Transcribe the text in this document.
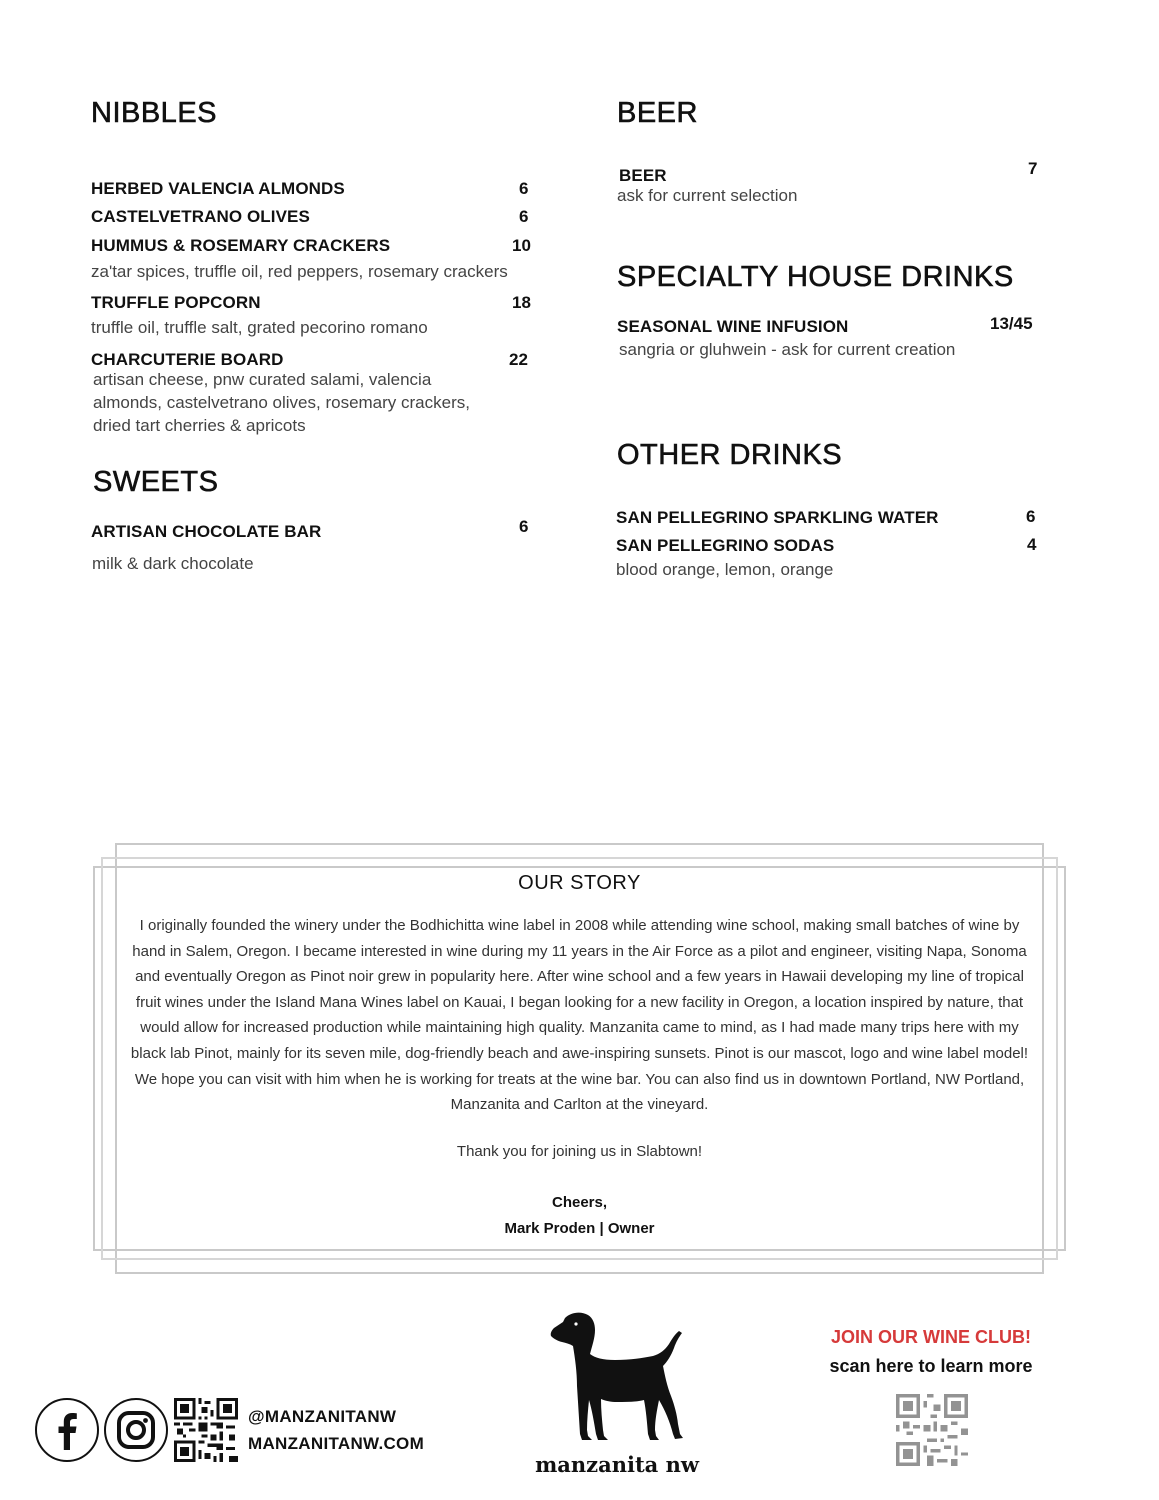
NIBBLES
HERBED VALENCIA ALMONDS	6
CASTELVETRANO OLIVES	6
HUMMUS & ROSEMARY CRACKERS	10
za'tar spices, truffle oil, red peppers, rosemary crackers
TRUFFLE POPCORN	18
truffle oil, truffle salt, grated pecorino romano
CHARCUTERIE BOARD	22
artisan cheese, pnw curated salami, valencia
almonds, castelvetrano olives, rosemary crackers,
dried tart cherries & apricots
SWEETS
ARTISAN CHOCOLATE BAR	6
milk & dark chocolate
BEER
BEER	7
ask for current selection
SPECIALTY HOUSE DRINKS
SEASONAL WINE INFUSION	13/45
sangria or gluhwein - ask for current creation
OTHER DRINKS
SAN PELLEGRINO SPARKLING WATER	6
SAN PELLEGRINO SODAS	4
blood orange, lemon, orange
OUR STORY
I originally founded the winery under the Bodhichitta wine label in 2008 while attending wine school, making small batches of wine by hand in Salem, Oregon. I became interested in wine during my 11 years in the Air Force as a pilot and engineer, visiting Napa, Sonoma and eventually Oregon as Pinot noir grew in popularity here. After wine school and a few years in Hawaii developing my line of tropical fruit wines under the Island Mana Wines label on Kauai, I began looking for a new facility in Oregon, a location inspired by nature, that would allow for increased production while maintaining high quality. Manzanita came to mind, as I had made many trips here with my black lab Pinot, mainly for its seven mile, dog-friendly beach and awe-inspiring sunsets. Pinot is our mascot, logo and wine label model! We hope you can visit with him when he is working for treats at the wine bar. You can also find us in downtown Portland, NW Portland, Manzanita and Carlton at the vineyard.
Thank you for joining us in Slabtown!
Cheers,
Mark Proden | Owner
@MANZANITANW
MANZANITANW.COM
manzanita nw
JOIN OUR WINE CLUB!
scan here to learn more
